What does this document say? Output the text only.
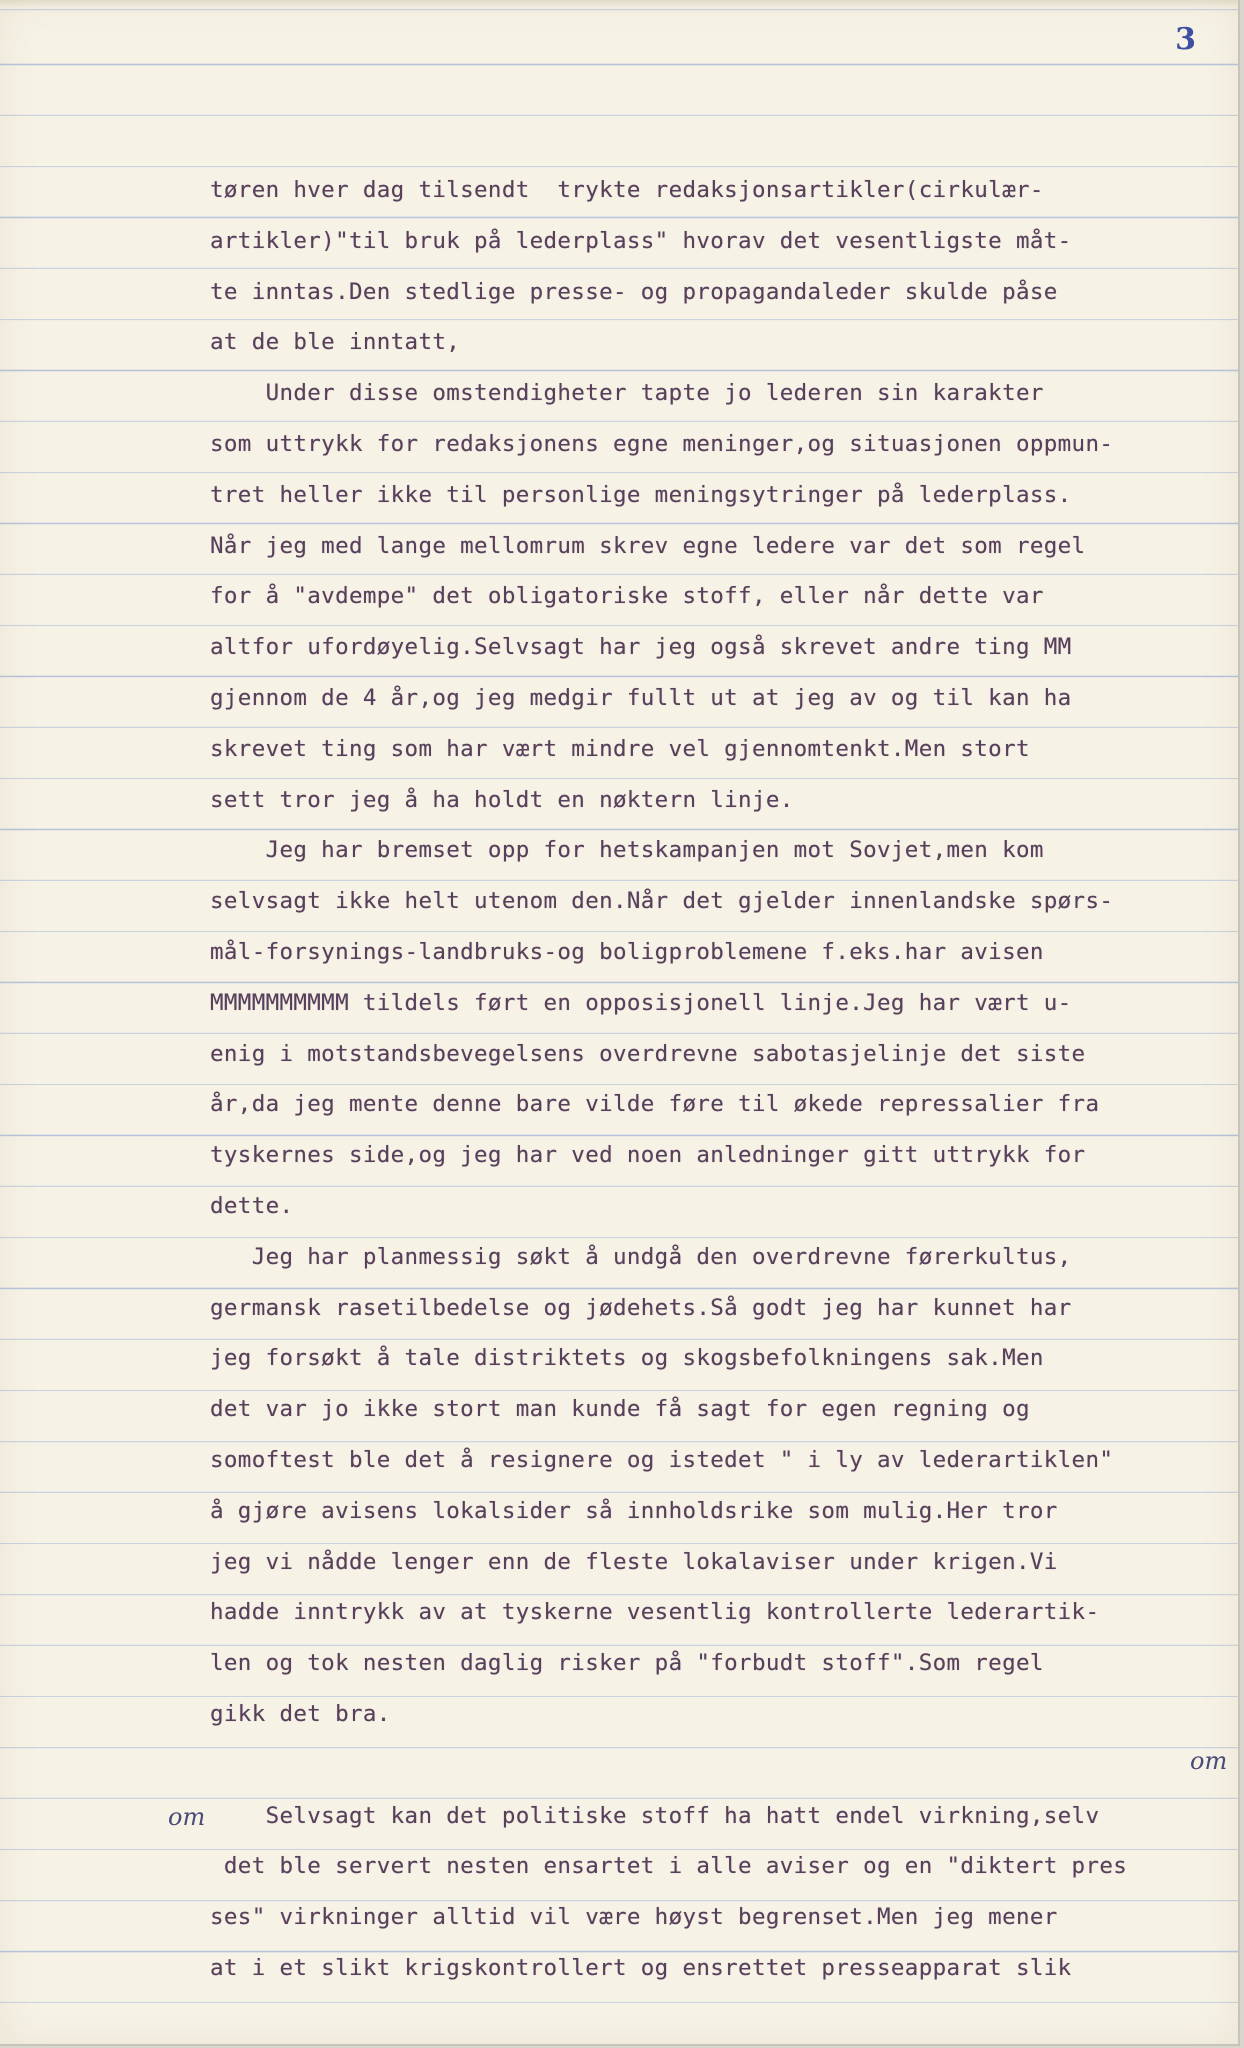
3
tøren hver dag tilsendt  trykte redaksjonsartikler(cirkulær-
artikler)"til bruk på lederplass" hvorav det vesentligste måt-
te inntas.Den stedlige presse- og propagandaleder skulde påse
at de ble inntatt,
Under disse omstendigheter tapte jo lederen sin karakter
som uttrykk for redaksjonens egne meninger,og situasjonen oppmun-
tret heller ikke til personlige meningsytringer på lederplass.
Når jeg med lange mellomrum skrev egne ledere var det som regel
for å "avdempe" det obligatoriske stoff, eller når dette var
altfor ufordøyelig.Selvsagt har jeg også skrevet andre ting MM
gjennom de 4 år,og jeg medgir fullt ut at jeg av og til kan ha
skrevet ting som har vært mindre vel gjennomtenkt.Men stort
sett tror jeg å ha holdt en nøktern linje.
Jeg har bremset opp for hetskampanjen mot Sovjet,men kom
selvsagt ikke helt utenom den.Når det gjelder innenlandske spørs-
mål-forsynings-landbruks-og boligproblemene f.eks.har avisen
MMMMMMMMMM tildels ført en opposisjonell linje.Jeg har vært u-
enig i motstandsbevegelsens overdrevne sabotasjelinje det siste
år,da jeg mente denne bare vilde føre til økede repressalier fra
tyskernes side,og jeg har ved noen anledninger gitt uttrykk for
dette.
Jeg har planmessig søkt å undgå den overdrevne førerkultus,
germansk rasetilbedelse og jødehets.Så godt jeg har kunnet har
jeg forsøkt å tale distriktets og skogsbefolkningens sak.Men
det var jo ikke stort man kunde få sagt for egen regning og
somoftest ble det å resignere og istedet " i ly av lederartiklen"
å gjøre avisens lokalsider så innholdsrike som mulig.Her tror
jeg vi nådde lenger enn de fleste lokalaviser under krigen.Vi
hadde inntrykk av at tyskerne vesentlig kontrollerte lederartik-
len og tok nesten daglig risker på "forbudt stoff".Som regel
gikk det bra.
Selvsagt kan det politiske stoff ha hatt endel virkning,selv
det ble servert nesten ensartet i alle aviser og en "diktert pres
ses" virkninger alltid vil være høyst begrenset.Men jeg mener
at i et slikt krigskontrollert og ensrettet presseapparat slik
om
om
